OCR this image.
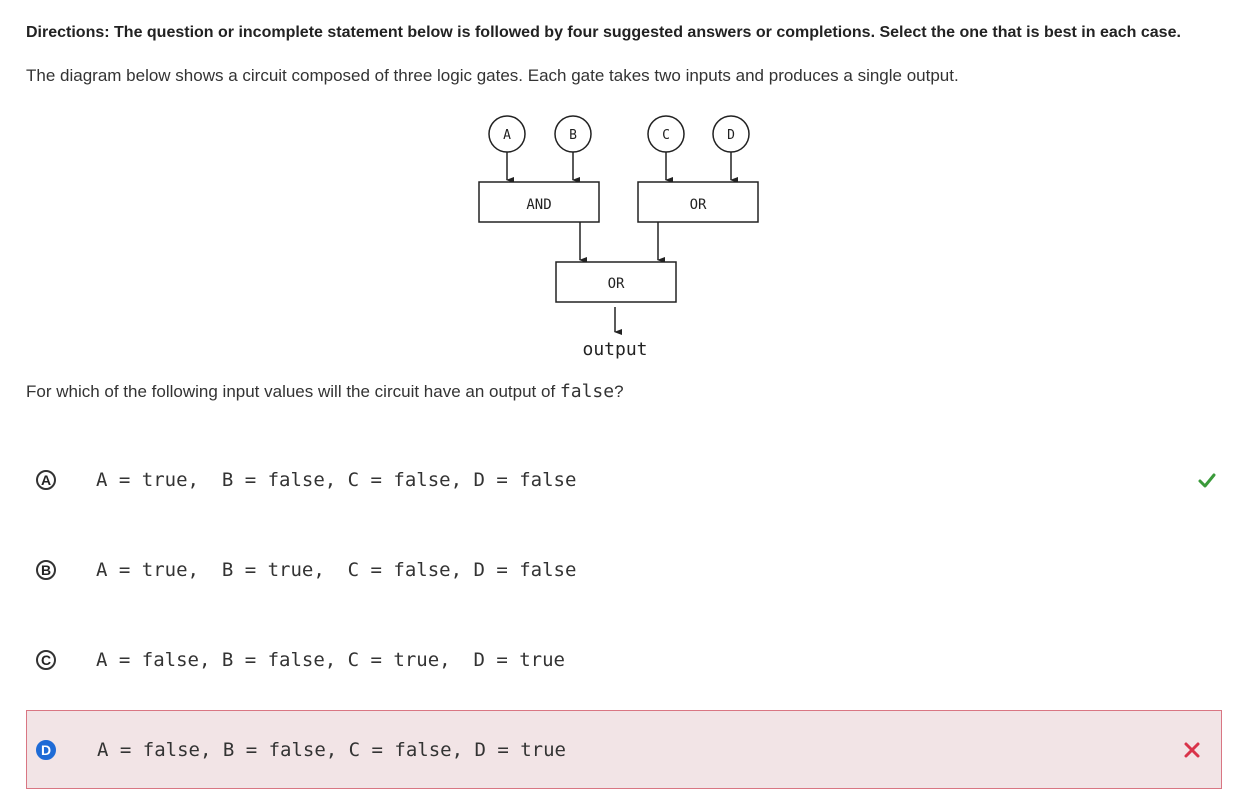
Directions: The question or incomplete statement below is followed by four suggested answers or completions. Select the one that is best in each case.
The diagram below shows a circuit composed of three logic gates. Each gate takes two inputs and produces a single output.
A	B	C	D
AND	OR
OR
output
For which of the following input values will the circuit have an output of false?
A A = true,  B = false, C = false, D = false
B A = true,  B = true,  C = false, D = false
C A = false, B = false, C = true,  D = true
D A = false, B = false, C = false, D = true
